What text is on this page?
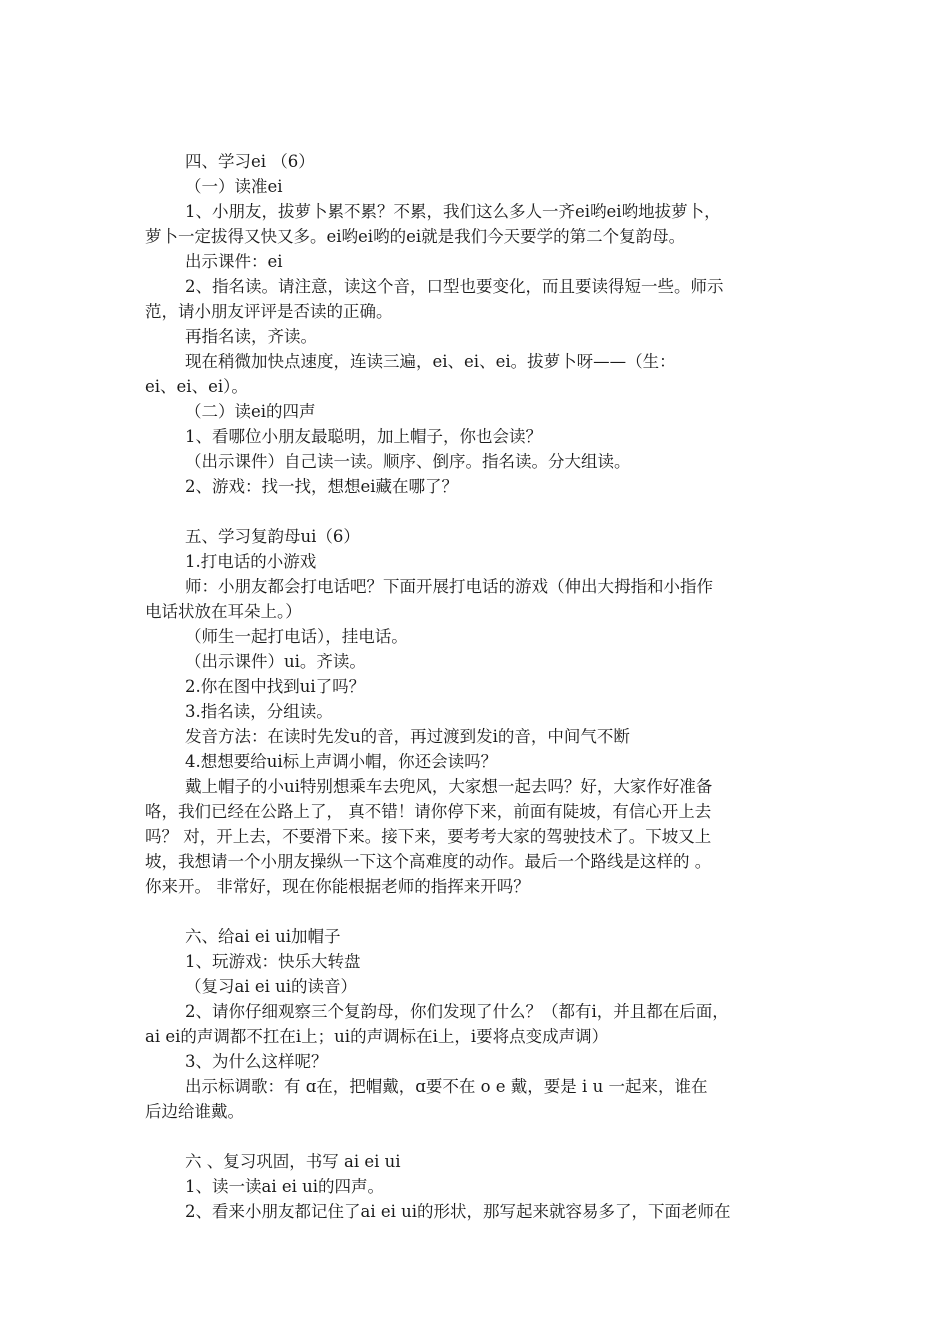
四、学习ei （6）
（一）读准ei
1、小朋友，拔萝卜累不累？不累，我们这么多人一齐ei哟ei哟地拔萝卜，
萝卜一定拔得又快又多。ei哟ei哟的ei就是我们今天要学的第二个复韵母。
出示课件：ei
2、指名读。请注意，读这个音，口型也要变化，而且要读得短一些。师示
范，请小朋友评评是否读的正确。
再指名读，齐读。
现在稍微加快点速度，连读三遍，ei、ei、ei。拔萝卜呀——（生：
ei、ei、ei）。
（二）读ei的四声
1、看哪位小朋友最聪明，加上帽子，你也会读？
（出示课件）自己读一读。顺序、倒序。指名读。分大组读。
2、游戏：找一找，想想ei藏在哪了？
五、学习复韵母ui（6）
1.打电话的小游戏
师：小朋友都会打电话吧？下面开展打电话的游戏（伸出大拇指和小指作
电话状放在耳朵上。）
（师生一起打电话），挂电话。
（出示课件）ui。齐读。
2.你在图中找到ui了吗？
3.指名读，分组读。
发音方法：在读时先发u的音，再过渡到发i的音，中间气不断
4.想想要给ui标上声调小帽，你还会读吗？
戴上帽子的小ui特别想乘车去兜风，大家想一起去吗？好，大家作好准备
咯，我们已经在公路上了， 真不错！请你停下来，前面有陡坡，有信心开上去
吗？ 对，开上去，不要滑下来。接下来，要考考大家的驾驶技术了。下坡又上
坡，我想请一个小朋友操纵一下这个高难度的动作。最后一个路线是这样的 。
你来开。 非常好，现在你能根据老师的指挥来开吗？
六、给ai ei ui加帽子
1、玩游戏：快乐大转盘
（复习ai ei ui的读音）
2、请你仔细观察三个复韵母，你们发现了什么？（都有i，并且都在后面，
ai ei的声调都不扛在i上；ui的声调标在i上，i要将点变成声调）
3、为什么这样呢？
出示标调歌：有 ɑ在，把帽戴，ɑ要不在 o e 戴，要是 i u 一起来，谁在
后边给谁戴。
六 、复习巩固，书写 ai ei ui
1、读一读ai ei ui的四声。
2、看来小朋友都记住了ai ei ui的形状，那写起来就容易多了，下面老师在
